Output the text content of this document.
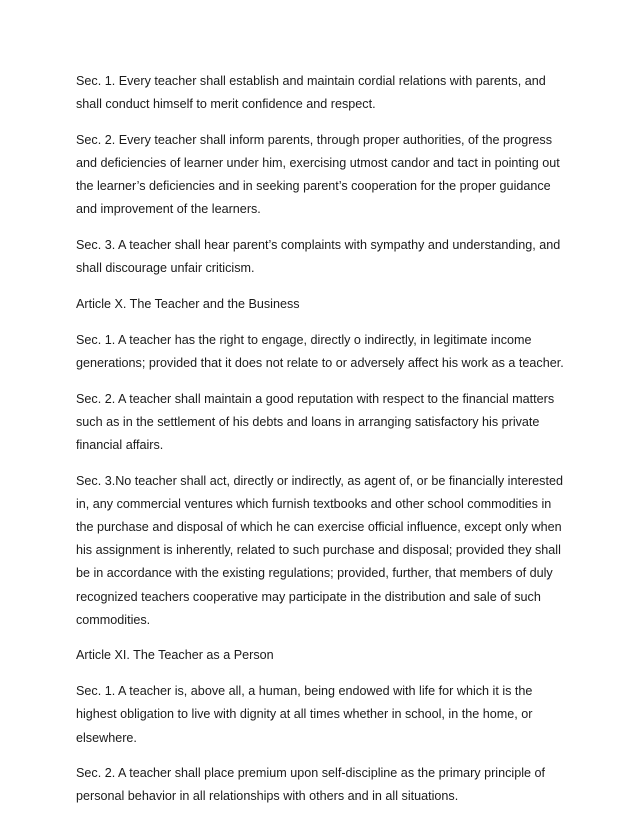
Sec. 1. Every teacher shall establish and maintain cordial relations with parents, and
shall conduct himself to merit confidence and respect.
Sec. 2. Every teacher shall inform parents, through proper authorities, of the progress
and deficiencies of learner under him, exercising utmost candor and tact in pointing out
the learner’s deficiencies and in seeking parent’s cooperation for the proper guidance
and improvement of the learners.
Sec. 3. A teacher shall hear parent’s complaints with sympathy and understanding, and
shall discourage unfair criticism.
Article X. The Teacher and the Business
Sec. 1. A teacher has the right to engage, directly o indirectly, in legitimate income
generations; provided that it does not relate to or adversely affect his work as a teacher.
Sec. 2. A teacher shall maintain a good reputation with respect to the financial matters
such as in the settlement of his debts and loans in arranging satisfactory his private
financial affairs.
Sec. 3.No teacher shall act, directly or indirectly, as agent of, or be financially interested
in, any commercial ventures which furnish textbooks and other school commodities in
the purchase and disposal of which he can exercise official influence, except only when
his assignment is inherently, related to such purchase and disposal; provided they shall
be in accordance with the existing regulations; provided, further, that members of duly
recognized teachers cooperative may participate in the distribution and sale of such
commodities.
Article XI. The Teacher as a Person
Sec. 1. A teacher is, above all, a human, being endowed with life for which it is the
highest obligation to live with dignity at all times whether in school, in the home, or
elsewhere.
Sec. 2. A teacher shall place premium upon self-discipline as the primary principle of
personal behavior in all relationships with others and in all situations.
